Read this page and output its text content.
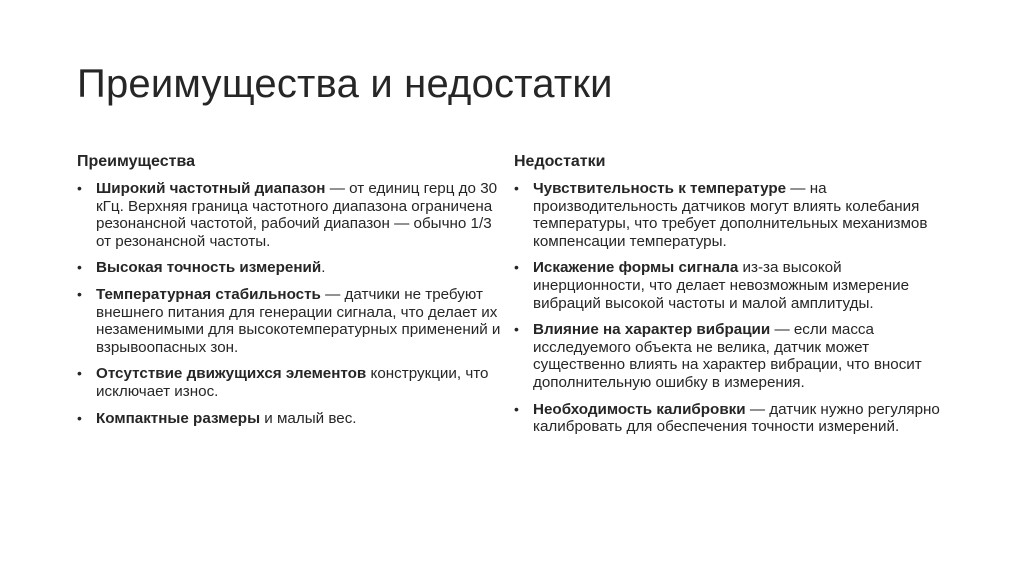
Преимущества и недостатки
Преимущества
• Широкий частотный диапазон — от единиц герц до 30 кГц. Верхняя граница частотного диапазона ограничена резонансной частотой, рабочий диапазон — обычно 1/3 от резонансной частоты.
• Высокая точность измерений.
• Температурная стабильность — датчики не требуют внешнего питания для генерации сигнала, что делает их незаменимыми для высокотемпературных применений и взрывоопасных зон.
• Отсутствие движущихся элементов конструкции, что исключает износ.
• Компактные размеры и малый вес.
Недостатки
• Чувствительность к температуре — на производительность датчиков могут влиять колебания температуры, что требует дополнительных механизмов компенсации температуры.
• Искажение формы сигнала из-за высокой инерционности, что делает невозможным измерение вибраций высокой частоты и малой амплитуды.
• Влияние на характер вибрации — если масса исследуемого объекта не велика, датчик может существенно влиять на характер вибрации, что вносит дополнительную ошибку в измерения.
• Необходимость калибровки — датчик нужно регулярно калибровать для обеспечения точности измерений.
